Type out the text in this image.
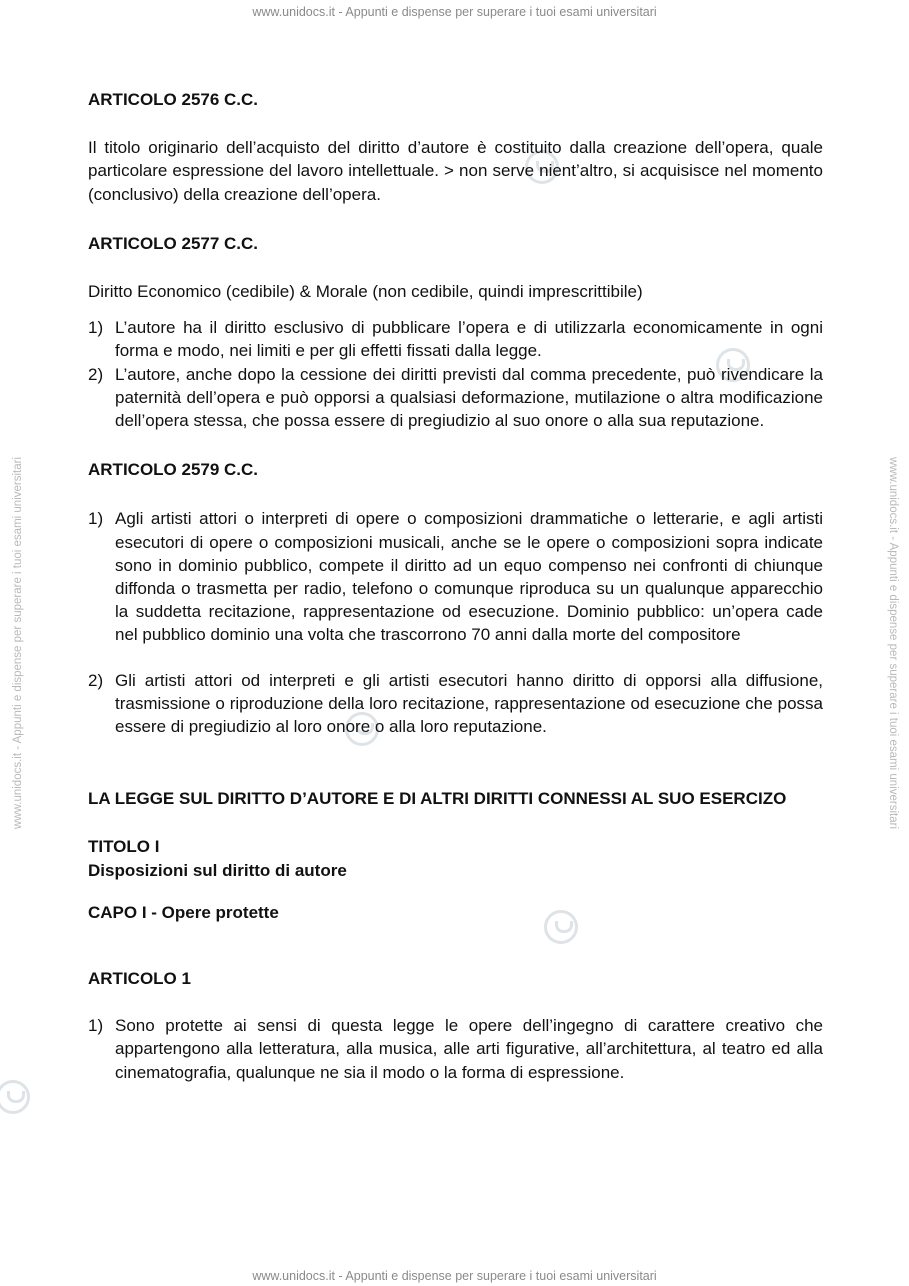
www.unidocs.it - Appunti e dispense per superare i tuoi esami universitari
www.unidocs.it - Appunti e dispense per superare i tuoi esami universitari
www.unidocs.it - Appunti e dispense per superare i tuoi esami universitari	www.unidocs.it - Appunti e dispense per superare i tuoi esami universitari
ARTICOLO 2576 C.C.

Il titolo originario dell’acquisto del diritto d’autore è costituito dalla creazione dell’opera, quale particolare espressione del lavoro intellettuale. > non serve nient’altro, si acquisisce nel momento (conclusivo) della creazione dell’opera.

ARTICOLO 2577 C.C.

Diritto Economico (cedibile) & Morale (non cedibile, quindi imprescrittibile)

1) L’autore ha il diritto esclusivo di pubblicare l’opera e di utilizzarla economicamente in ogni forma e modo, nei limiti e per gli effetti fissati dalla legge.
2) L’autore, anche dopo la cessione dei diritti previsti dal comma precedente, può rivendicare la paternità dell’opera e può opporsi a qualsiasi deformazione, mutilazione o altra modificazione dell’opera stessa, che possa essere di pregiudizio al suo onore o alla sua reputazione.
ARTICOLO 2579 C.C.
1) Agli artisti attori o interpreti di opere o composizioni drammatiche o letterarie, e agli artisti esecutori di opere o composizioni musicali, anche se le opere o composizioni sopra indicate sono in dominio pubblico, compete il diritto ad un equo compenso nei confronti di chiunque diffonda o trasmetta per radio, telefono o comunque riproduca su un qualunque apparecchio la suddetta recitazione, rappresentazione od esecuzione. Dominio pubblico: un’opera cade nel pubblico dominio una volta che trascorrono 70 anni dalla morte del compositore
2) Gli artisti attori od interpreti e gli artisti esecutori hanno diritto di opporsi alla diffusione, trasmissione o riproduzione della loro recitazione, rappresentazione od esecuzione che possa essere di pregiudizio al loro onore o alla loro reputazione.
LA LEGGE SUL DIRITTO D’AUTORE E DI ALTRI DIRITTI CONNESSI AL SUO ESERCIZO
TITOLO I
Disposizioni sul diritto di autore
CAPO I - Opere protette
ARTICOLO 1
1) Sono protette ai sensi di questa legge le opere dell’ingegno di carattere creativo che appartengono alla letteratura, alla musica, alle arti figurative, all’architettura, al teatro ed alla cinematografia, qualunque ne sia il modo o la forma di espressione.
